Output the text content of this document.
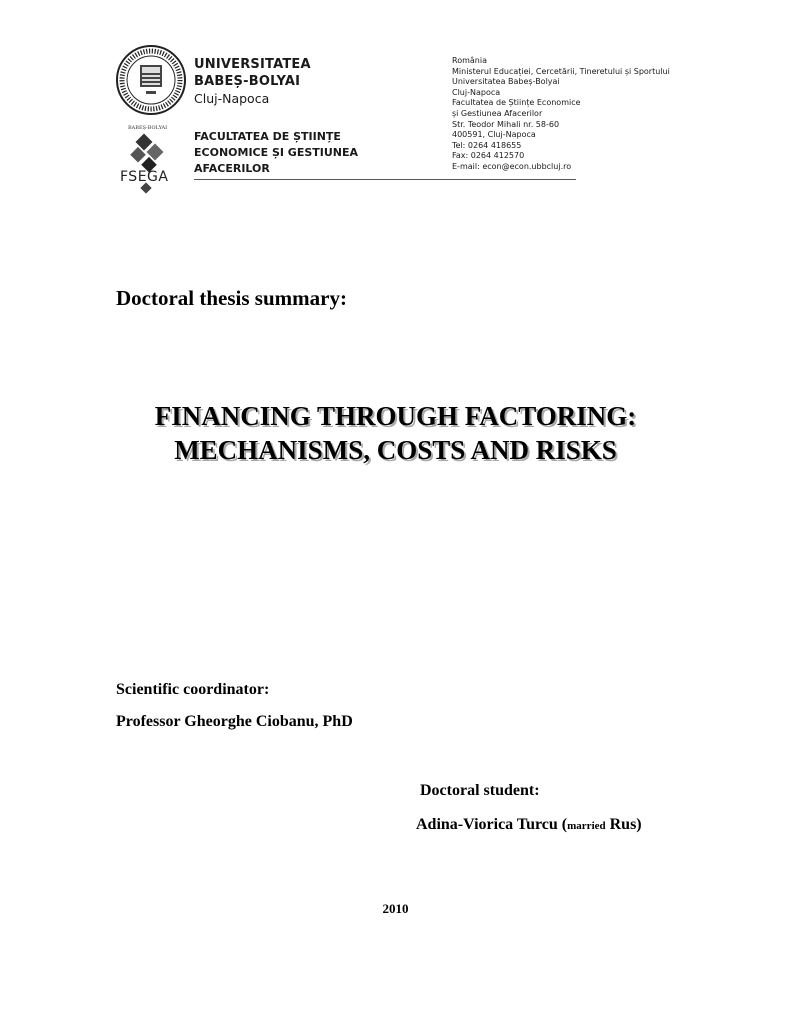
UNIVERSITATEA
BABEȘ-BOLYAI
Cluj-Napoca
BABEȘ-BOLYAI
FSEGA
FACULTATEA DE ȘTIINȚE
ECONOMICE ȘI GESTIUNEA
AFACERILOR
România
Ministerul Educației, Cercetării, Tineretului și Sportului
Universitatea Babeș-Bolyai
Cluj-Napoca
Facultatea de Științe Economice
și Gestiunea Afacerilor
Str. Teodor Mihali nr. 58-60
400591, Cluj-Napoca
Tel: 0264 418655
Fax: 0264 412570
E-mail: econ@econ.ubbcluj.ro
Doctoral thesis summary:
FINANCING THROUGH FACTORING:
MECHANISMS, COSTS AND RISKS
Scientific coordinator:
Professor Gheorghe Ciobanu, PhD
Doctoral student:
Adina-Viorica Turcu (married Rus)
2010
